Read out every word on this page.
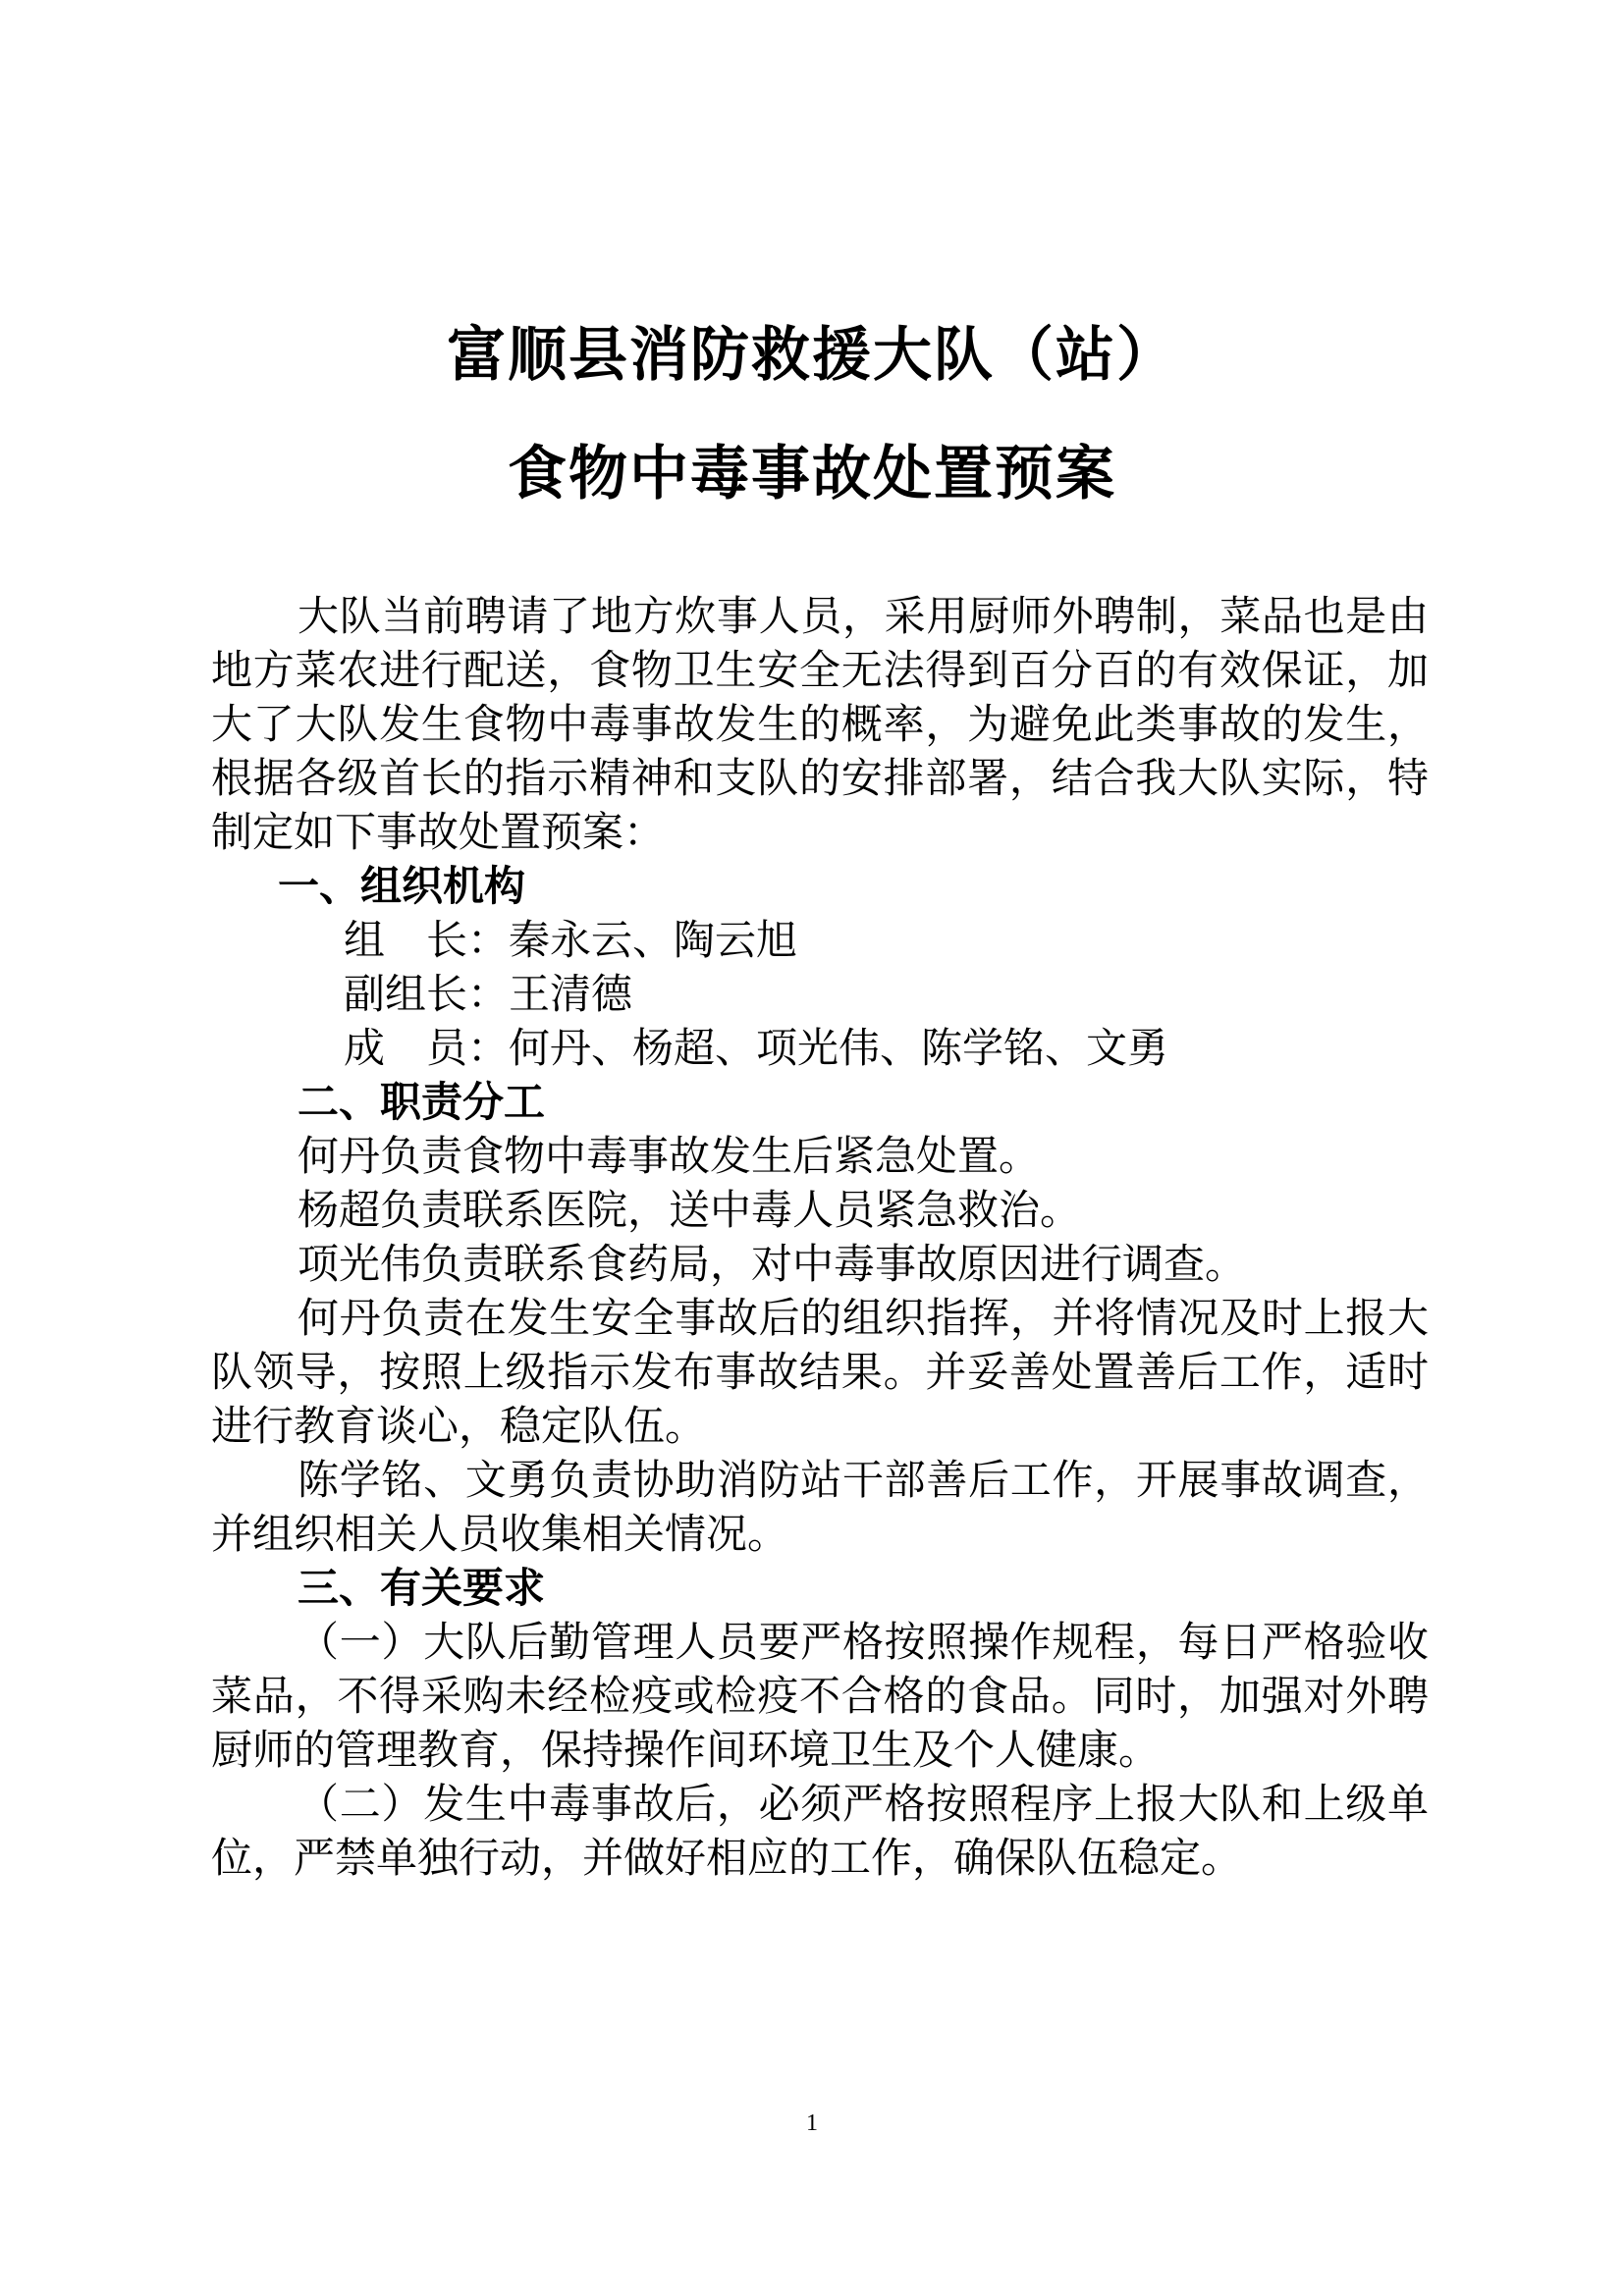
富顺县消防救援大队（站）
食物中毒事故处置预案

大队当前聘请了地方炊事人员，采用厨师外聘制，菜品也是由地方菜农进行配送，食物卫生安全无法得到百分百的有效保证，加大了大队发生食物中毒事故发生的概率，为避免此类事故的发生，根据各级首长的指示精神和支队的安排部署，结合我大队实际，特制定如下事故处置预案：

一、组织机构

组　长：秦永云、陶云旭

副组长：王清德

成　员：何丹、杨超、项光伟、陈学铭、文勇

二、职责分工

何丹负责食物中毒事故发生后紧急处置。

杨超负责联系医院，送中毒人员紧急救治。

项光伟负责联系食药局，对中毒事故原因进行调查。

何丹负责在发生安全事故后的组织指挥，并将情况及时上报大队领导，按照上级指示发布事故结果。并妥善处置善后工作，适时进行教育谈心，稳定队伍。

陈学铭、文勇负责协助消防站干部善后工作，开展事故调查，并组织相关人员收集相关情况。

三、有关要求

（一）大队后勤管理人员要严格按照操作规程，每日严格验收菜品，不得采购未经检疫或检疫不合格的食品。同时，加强对外聘厨师的管理教育，保持操作间环境卫生及个人健康。

（二）发生中毒事故后，必须严格按照程序上报大队和上级单位，严禁单独行动，并做好相应的工作，确保队伍稳定。

1
